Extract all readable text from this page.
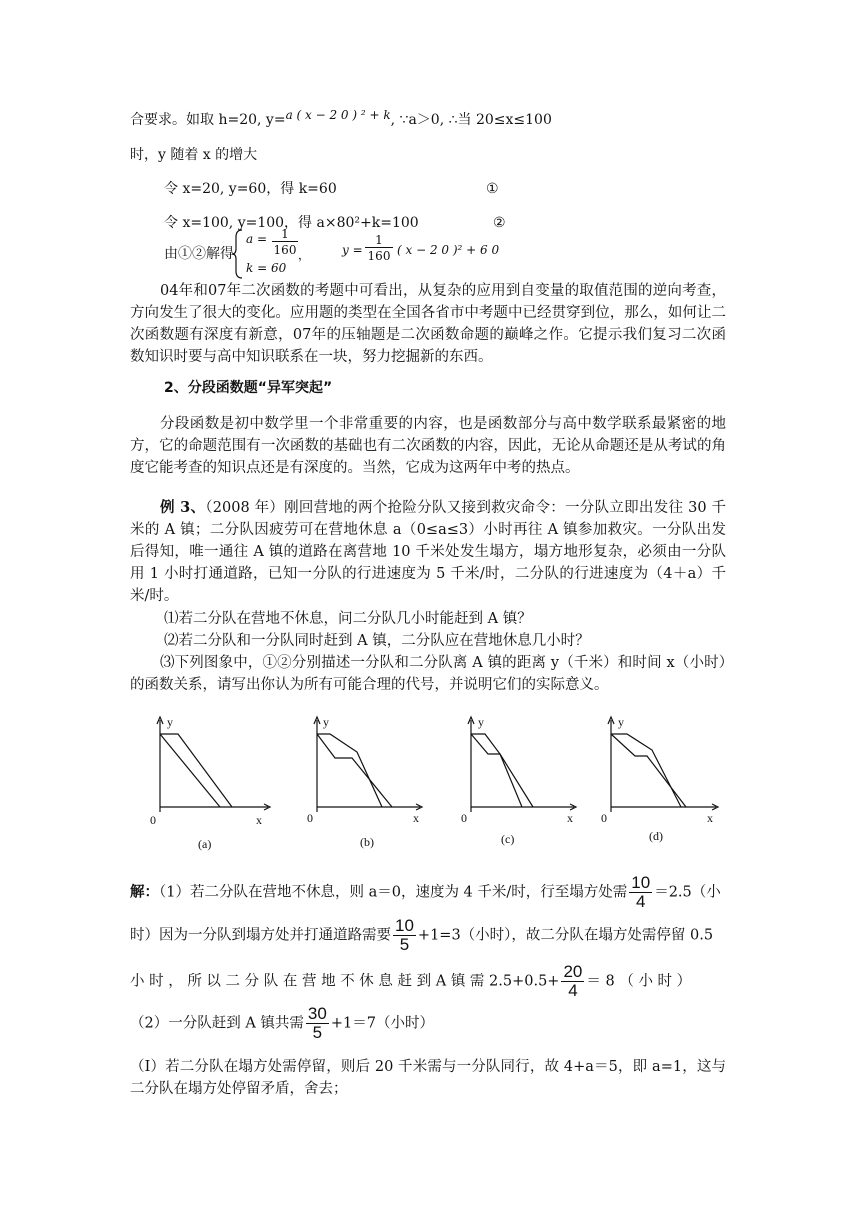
合要求。如取 h=20, y=a ( x − 2 0 ) ² + k, ∵a＞0, ∴当 20≤x≤100
时，y 随着 x 的增大
令 x=20, y=60，得 k=60	①
令 x=100, y=100，得 a×80²+k=100	②
由①②解得
a =	1
160 ，
k = 60
y =
1
160 ( x − 2 0 )² + 6 0
04年和07年二次函数的考题中可看出，从复杂的应用到自变量的取值范围的逆向考查，方向发生了很大的变化。应用题的类型在全国各省市中考题中已经贯穿到位，那么，如何让二次函数题有深度有新意，07年的压轴题是二次函数命题的巅峰之作。它提示我们复习二次函数知识时要与高中知识联系在一块，努力挖掘新的东西。
2、分段函数题“异军突起”
分段函数是初中数学里一个非常重要的内容，也是函数部分与高中数学联系最紧密的地方，它的命题范围有一次函数的基础也有二次函数的内容，因此，无论从命题还是从考试的角度它能考查的知识点还是有深度的。当然，它成为这两年中考的热点。
例 3、（2008 年）刚回营地的两个抢险分队又接到救灾命令：一分队立即出发往 30 千米的 A 镇；二分队因疲劳可在营地休息 a（0≤a≤3）小时再往 A 镇参加救灾。一分队出发后得知，唯一通往 A 镇的道路在离营地 10 千米处发生塌方，塌方地形复杂，必须由一分队用 1 小时打通道路，已知一分队的行进速度为 5 千米/时，二分队的行进速度为（4＋a）千米/时。
⑴若二分队在营地不休息，问二分队几小时能赶到 A 镇？
⑵若二分队和一分队同时赶到 A 镇，二分队应在营地休息几小时？
⑶下列图象中，①②分别描述一分队和二分队离 A 镇的距离 y（千米）和时间 x（小时）的函数关系，请写出你认为所有可能合理的代号，并说明它们的实际意义。
y
0	x
(a)
y
0	x
(b)
y
0	x
(c)
y
0	x
(d)
解：（1）若二分队在营地不休息，则 a＝0，速度为 4 千米/时，行至塌方处需 $\frac{10}{4} =2.5$（小
时）因为一分队到塌方处并打通道路需要 $\frac{10}{5} +1=3$（小时），故二分队在塌方处需停留 0.5
小 时 ， 所 以 二 分 队 在 营 地 不 休 息 赶 到 A 镇 需 $2.5+0.5+ \frac{20}{4} = 8$ （ 小 时 ）
（2）一分队赶到 A 镇共需 $\frac{30}{5} +1=7$（小时）
（Ⅰ）若二分队在塌方处需停留，则后 20 千米需与一分队同行，故 4+a＝5，即 a=1，这与二分队在塌方处停留矛盾，舍去；
